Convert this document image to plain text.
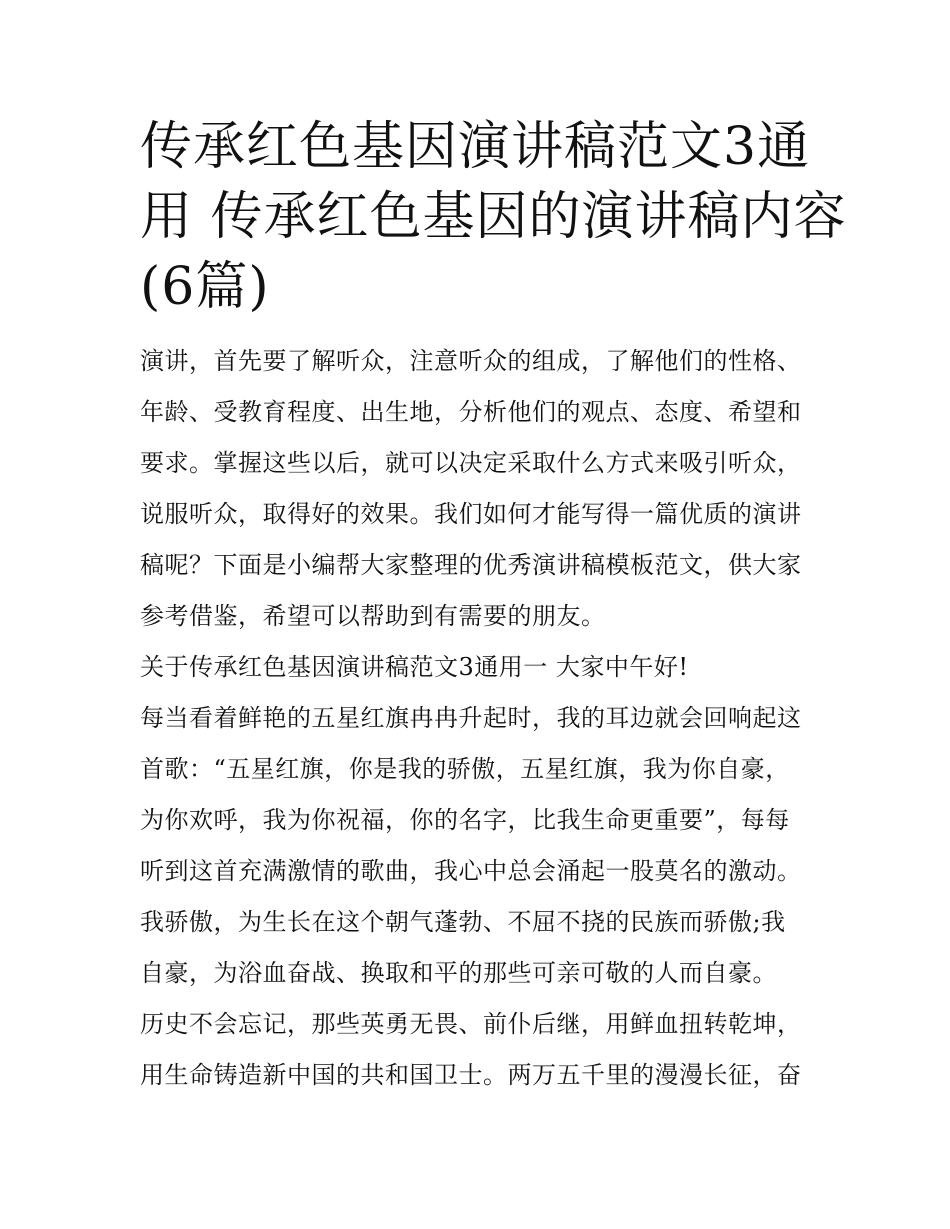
传承红色基因演讲稿范文3通
用 传承红色基因的演讲稿内容
(6篇)
演讲，首先要了解听众，注意听众的组成，了解他们的性格、
年龄、受教育程度、出生地，分析他们的观点、态度、希望和
要求。掌握这些以后，就可以决定采取什么方式来吸引听众，
说服听众，取得好的效果。我们如何才能写得一篇优质的演讲
稿呢？下面是小编帮大家整理的优秀演讲稿模板范文，供大家
参考借鉴，希望可以帮助到有需要的朋友。
关于传承红色基因演讲稿范文3通用一 大家中午好!
每当看着鲜艳的五星红旗冉冉升起时，我的耳边就会回响起这
首歌：“五星红旗，你是我的骄傲，五星红旗，我为你自豪，
为你欢呼，我为你祝福，你的名字，比我生命更重要”，每每
听到这首充满激情的歌曲，我心中总会涌起一股莫名的激动。
我骄傲，为生长在这个朝气蓬勃、不屈不挠的民族而骄傲;我
自豪，为浴血奋战、换取和平的那些可亲可敬的人而自豪。
历史不会忘记，那些英勇无畏、前仆后继，用鲜血扭转乾坤，
用生命铸造新中国的共和国卫士。两万五千里的漫漫长征，奋
